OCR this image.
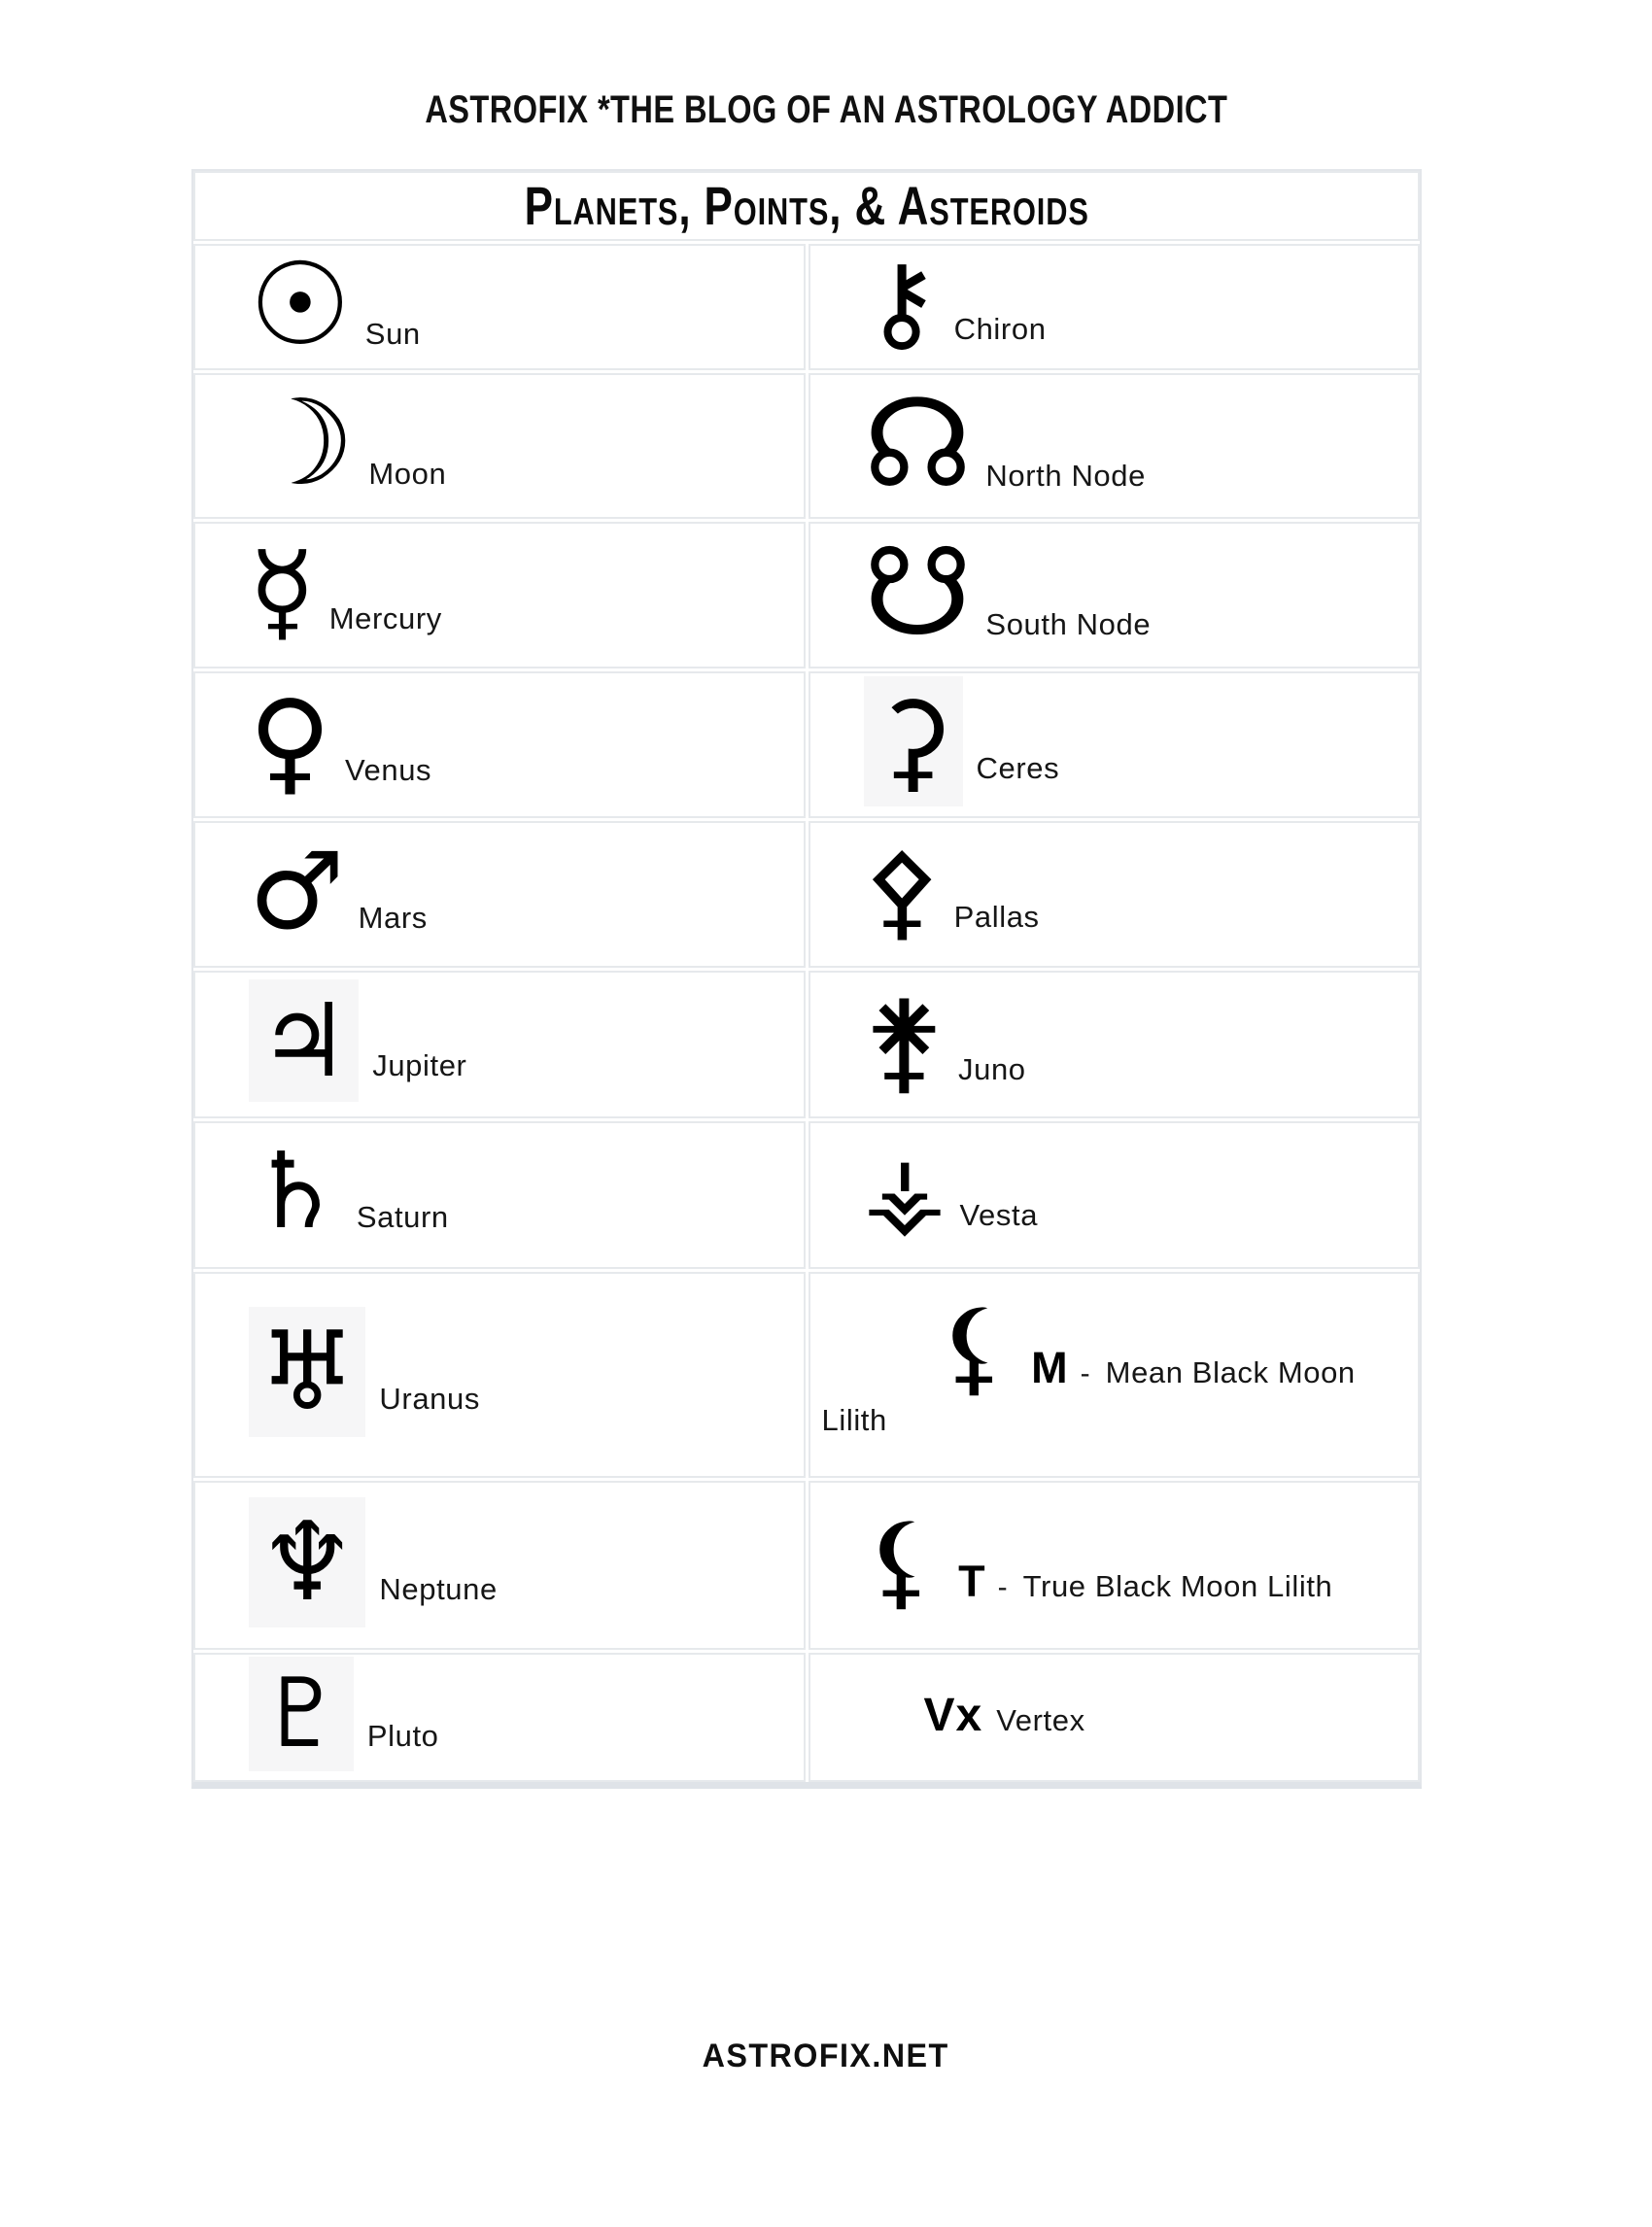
ASTROFIX *THE BLOG OF AN ASTROLOGY ADDICT
Planets, Points, & Asteroids

☉ Sun	⚷ Chiron

☽ Moon	☊ North Node

☿ Mercury	☋ South Node

♀ Venus	⚳ Ceres

♂ Mars	⚴ Pallas

♃ Jupiter	⚵ Juno

♄ Saturn	⚶ Vesta

♅ Uranus	⚸ M - Mean Black Moon Lilith

♆ Neptune	⚸ T - True Black Moon Lilith

♇ Pluto	Vx Vertex

ASTROFIX.NET
